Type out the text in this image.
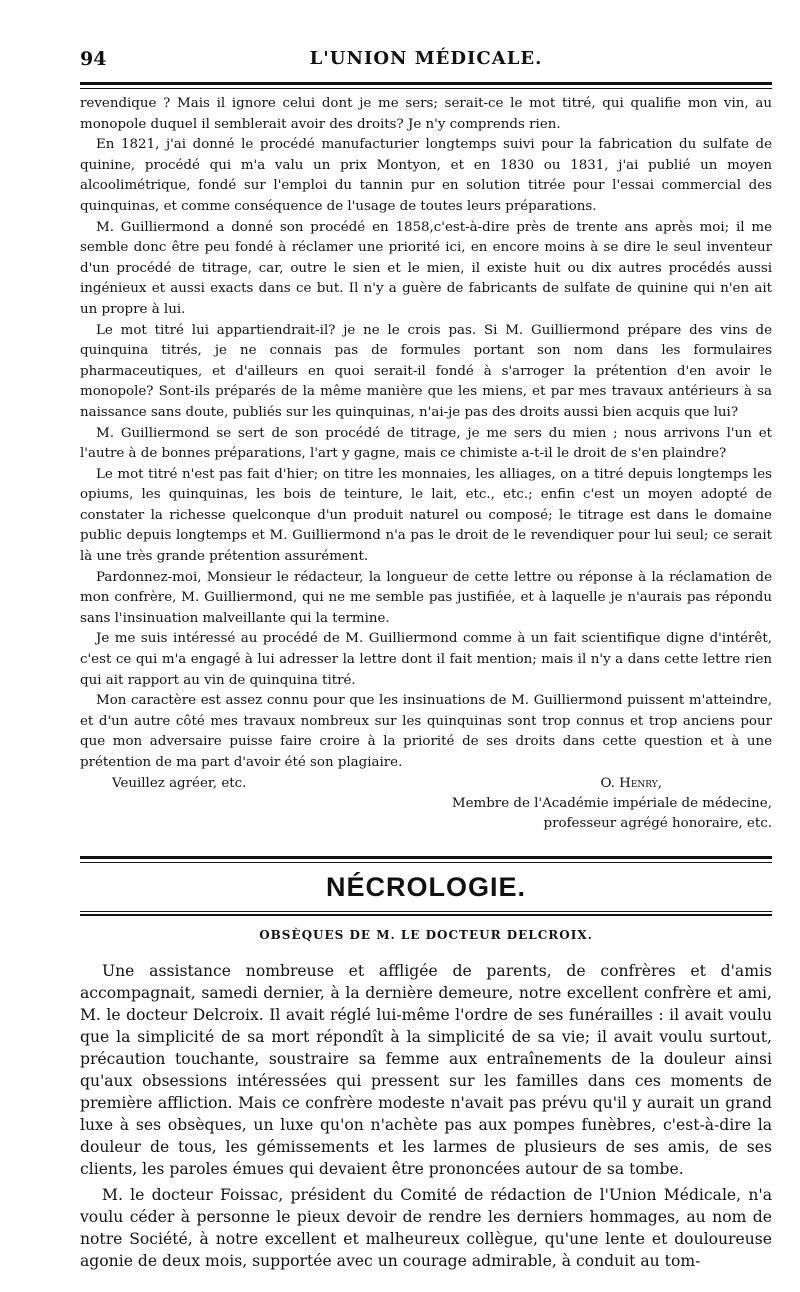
94	L'UNION MÉDICALE.

revendique ? Mais il ignore celui dont je me sers; serait-ce le mot titré, qui qualifie mon vin, au monopole duquel il semblerait avoir des droits? Je n'y comprends rien.

En 1821, j'ai donné le procédé manufacturier longtemps suivi pour la fabrication du sulfate de quinine, procédé qui m'a valu un prix Montyon, et en 1830 ou 1831, j'ai publié un moyen alcoolimétrique, fondé sur l'emploi du tannin pur en solution titrée pour l'essai commercial des quinquinas, et comme conséquence de l'usage de toutes leurs préparations.

M. Guilliermond a donné son procédé en 1858,c'est-à-dire près de trente ans après moi; il me semble donc être peu fondé à réclamer une priorité ici, en encore moins à se dire le seul inventeur d'un procédé de titrage, car, outre le sien et le mien, il existe huit ou dix autres procédés aussi ingénieux et aussi exacts dans ce but. Il n'y a guère de fabricants de sulfate de quinine qui n'en ait un propre à lui.

Le mot titré lui appartiendrait-il? je ne le crois pas. Si M. Guilliermond prépare des vins de quinquina titrés, je ne connais pas de formules portant son nom dans les formulaires pharmaceutiques, et d'ailleurs en quoi serait-il fondé à s'arroger la prétention d'en avoir le monopole? Sont-ils préparés de la même manière que les miens, et par mes travaux antérieurs à sa naissance sans doute, publiés sur les quinquinas, n'ai-je pas des droits aussi bien acquis que lui?

M. Guilliermond se sert de son procédé de titrage, je me sers du mien ; nous arrivons l'un et l'autre à de bonnes préparations, l'art y gagne, mais ce chimiste a-t-il le droit de s'en plaindre?

Le mot titré n'est pas fait d'hier; on titre les monnaies, les alliages, on a titré depuis longtemps les opiums, les quinquinas, les bois de teinture, le lait, etc., etc.; enfin c'est un moyen adopté de constater la richesse quelconque d'un produit naturel ou composé; le titrage est dans le domaine public depuis longtemps et M. Guilliermond n'a pas le droit de le revendiquer pour lui seul; ce serait là une très grande prétention assurément.

Pardonnez-moi, Monsieur le rédacteur, la longueur de cette lettre ou réponse à la réclamation de mon confrère, M. Guilliermond, qui ne me semble pas justifiée, et à laquelle je n'aurais pas répondu sans l'insinuation malveillante qui la termine.

Je me suis intéressé au procédé de M. Guilliermond comme à un fait scientifique digne d'intérêt, c'est ce qui m'a engagé à lui adresser la lettre dont il fait mention; mais il n'y a dans cette lettre rien qui ait rapport au vin de quinquina titré.

Mon caractère est assez connu pour que les insinuations de M. Guilliermond puissent m'atteindre, et d'un autre côté mes travaux nombreux sur les quinquinas sont trop connus et trop anciens pour que mon adversaire puisse faire croire à la priorité de ses droits dans cette question et à une prétention de ma part d'avoir été son plagiaire.

Veuillez agréer, etc.	O. Henry,
Membre de l'Académie impériale de médecine,
professeur agrégé honoraire, etc.
NÉCROLOGIE.
OBSÈQUES DE M. LE DOCTEUR DELCROIX.

Une assistance nombreuse et affligée de parents, de confrères et d'amis accompagnait, samedi dernier, à la dernière demeure, notre excellent confrère et ami, M. le docteur Delcroix. Il avait réglé lui-même l'ordre de ses funérailles : il avait voulu que la simplicité de sa mort répondît à la simplicité de sa vie; il avait voulu surtout, précaution touchante, soustraire sa femme aux entraînements de la douleur ainsi qu'aux obsessions intéressées qui pressent sur les familles dans ces moments de première affliction. Mais ce confrère modeste n'avait pas prévu qu'il y aurait un grand luxe à ses obsèques, un luxe qu'on n'achète pas aux pompes funèbres, c'est-à-dire la douleur de tous, les gémissements et les larmes de plusieurs de ses amis, de ses clients, les paroles émues qui devaient être prononcées autour de sa tombe.

M. le docteur Foissac, président du Comité de rédaction de l'Union Médicale, n'a voulu céder à personne le pieux devoir de rendre les derniers hommages, au nom de notre Société, à notre excellent et malheureux collègue, qu'une lente et douloureuse agonie de deux mois, supportée avec un courage admirable, à conduit au tom-
